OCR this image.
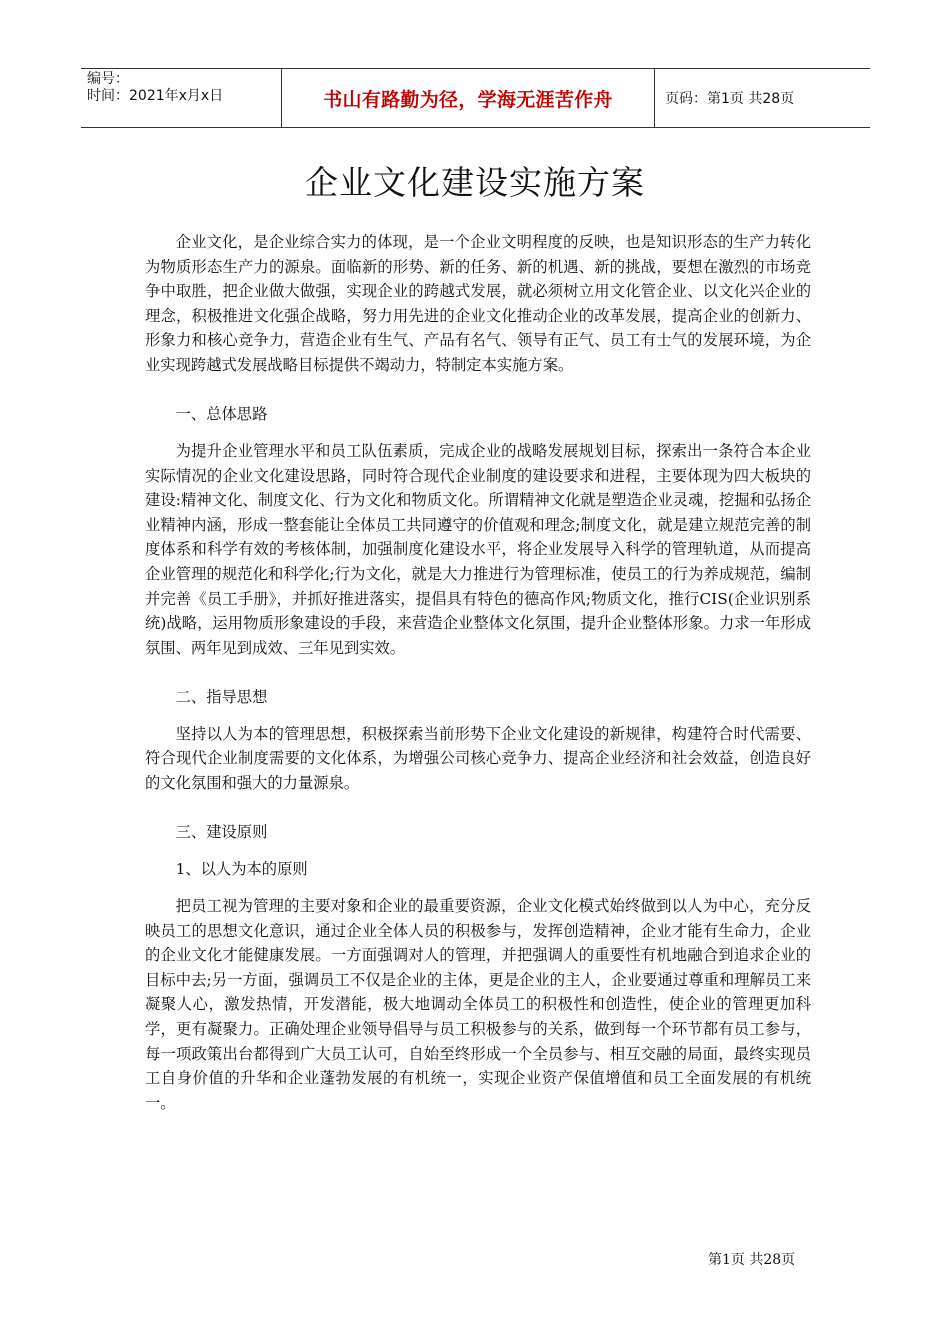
编号：
时间：2021年x月x日	书山有路勤为径，学海无涯苦作舟	页码：第1页 共28页
企业文化建设实施方案

企业文化，是企业综合实力的体现，是一个企业文明程度的反映，也是知识形态的生产力转化为物质形态生产力的源泉。面临新的形势、新的任务、新的机遇、新的挑战，要想在激烈的市场竞争中取胜，把企业做大做强，实现企业的跨越式发展，就必须树立用文化管企业、以文化兴企业的理念，积极推进文化强企战略，努力用先进的企业文化推动企业的改革发展，提高企业的创新力、形象力和核心竞争力，营造企业有生气、产品有名气、领导有正气、员工有士气的发展环境，为企业实现跨越式发展战略目标提供不竭动力，特制定本实施方案。

一、总体思路

为提升企业管理水平和员工队伍素质，完成企业的战略发展规划目标，探索出一条符合本企业实际情况的企业文化建设思路，同时符合现代企业制度的建设要求和进程，主要体现为四大板块的建设:精神文化、制度文化、行为文化和物质文化。所谓精神文化就是塑造企业灵魂，挖掘和弘扬企业精神内涵，形成一整套能让全体员工共同遵守的价值观和理念;制度文化，就是建立规范完善的制度体系和科学有效的考核体制，加强制度化建设水平，将企业发展导入科学的管理轨道，从而提高企业管理的规范化和科学化;行为文化，就是大力推进行为管理标准，使员工的行为养成规范，编制并完善《员工手册》，并抓好推进落实，提倡具有特色的德高作风;物质文化，推行CIS(企业识别系统)战略，运用物质形象建设的手段，来营造企业整体文化氛围，提升企业整体形象。力求一年形成氛围、两年见到成效、三年见到实效。

二、指导思想

坚持以人为本的管理思想，积极探索当前形势下企业文化建设的新规律，构建符合时代需要、符合现代企业制度需要的文化体系，为增强公司核心竞争力、提高企业经济和社会效益，创造良好的文化氛围和强大的力量源泉。

三、建设原则

1、以人为本的原则

把员工视为管理的主要对象和企业的最重要资源，企业文化模式始终做到以人为中心，充分反映员工的思想文化意识，通过企业全体人员的积极参与，发挥创造精神，企业才能有生命力，企业的企业文化才能健康发展。一方面强调对人的管理，并把强调人的重要性有机地融合到追求企业的目标中去;另一方面，强调员工不仅是企业的主体，更是企业的主人，企业要通过尊重和理解员工来凝聚人心，激发热情，开发潜能，极大地调动全体员工的积极性和创造性，使企业的管理更加科学，更有凝聚力。正确处理企业领导倡导与员工积极参与的关系，做到每一个环节都有员工参与，每一项政策出台都得到广大员工认可，自始至终形成一个全员参与、相互交融的局面，最终实现员工自身价值的升华和企业蓬勃发展的有机统一，实现企业资产保值增值和员工全面发展的有机统一。

第1页 共28页
